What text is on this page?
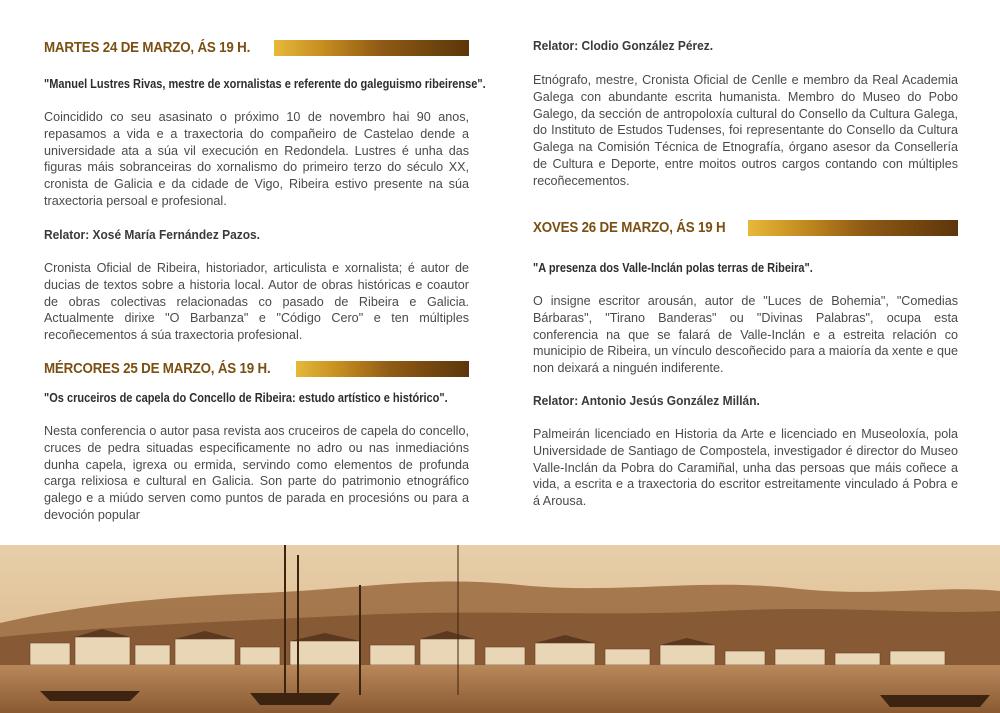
MARTES 24 DE MARZO, ÁS 19 H.
"Manuel Lustres Rivas, mestre de xornalistas e referente do galeguismo ribeirense".
Coincidido co seu asasinato o próximo 10 de novembro hai 90 anos, repasamos a vida e a traxectoria do compañeiro de Castelao dende a universidade ata a súa vil execución en Redondela. Lustres é unha das figuras máis sobranceiras do xornalismo do primeiro terzo do século XX, cronista de Galicia e da cidade de Vigo, Ribeira estivo presente na súa traxectoria persoal e profesional.
Relator: Xosé María Fernández Pazos.
Cronista Oficial de Ribeira, historiador, articulista e xornalista; é autor de ducias de textos sobre a historia local. Autor de obras históricas e coautor de obras colectivas relacionadas co pasado de Ribeira e Galicia. Actualmente dirixe "O Barbanza" e "Código Cero" e ten múltiples recoñecementos á súa traxectoria profesional.
MÉRCORES 25 DE MARZO, ÁS 19 H.
"Os cruceiros de capela do Concello de Ribeira: estudo artístico e histórico".
Nesta conferencia o autor pasa revista aos cruceiros de capela do concello, cruces de pedra situadas especificamente no adro ou nas inmediacións dunha capela, igrexa ou ermida, servindo como elementos de profunda carga relixiosa e cultural en Galicia. Son parte do patrimonio etnográfico galego e a miúdo serven como puntos de parada en procesións ou para a devoción popular
Relator: Clodio González Pérez.
Etnógrafo, mestre, Cronista Oficial de Cenlle e membro da Real Academia Galega con abundante escrita humanista. Membro do Museo do Pobo Galego, da sección de antropoloxía cultural do Consello da Cultura Galega, do Instituto de Estudos Tudenses, foi representante do Consello da Cultura Galega na Comisión Técnica de Etnografía, órgano asesor da Consellería de Cultura e Deporte, entre moitos outros cargos contando con múltiples recoñecementos.
XOVES 26 DE MARZO, ÁS 19 H
"A presenza dos Valle-Inclán polas terras de Ribeira".
O insigne escritor arousán, autor de "Luces de Bohemia", "Comedias Bárbaras", "Tirano Banderas" ou "Divinas Palabras", ocupa esta conferencia na que se falará de Valle-Inclán e a estreita relación co municipio de Ribeira, un vínculo descoñecido para a maioría da xente e que non deixará a ninguén indiferente.
Relator: Antonio Jesús González Millán.
Palmeirán licenciado en Historia da Arte e licenciado en Museoloxía, pola Universidade de Santiago de Compostela, investigador é director do Museo Valle-Inclán da Pobra do Caramiñal, unha das persoas que máis coñece a vida, a escrita e a traxectoria do escritor estreitamente vinculado á Pobra e á Arousa.
